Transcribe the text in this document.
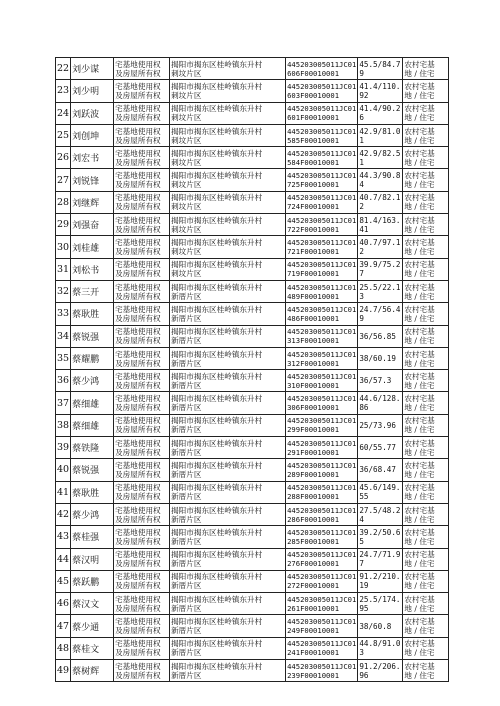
22	刘少谋	宅基地使用权
及房屋所有权	揭阳市揭东区桂岭镇东升村
刺坟片区	445203005011JC01
606F00010001	45.5/84.7
9	农村宅基
地 / 住宅

23	刘少明	宅基地使用权
及房屋所有权	揭阳市揭东区桂岭镇东升村
刺坟片区	445203005011JC01
603F00010001	41.4/110.
92	农村宅基
地 / 住宅

24	刘跃波	宅基地使用权
及房屋所有权	揭阳市揭东区桂岭镇东升村
刺坟片区	445203005011JC01
601F00010001	41.4/90.2
6	农村宅基
地 / 住宅

25	刘创坤	宅基地使用权
及房屋所有权	揭阳市揭东区桂岭镇东升村
刺坟片区	445203005011JC01
585F00010001	42.9/81.0
1	农村宅基
地 / 住宅

26	刘宏书	宅基地使用权
及房屋所有权	揭阳市揭东区桂岭镇东升村
刺坟片区	445203005011JC01
584F00010001	42.9/82.5
1	农村宅基
地 / 住宅

27	刘锐锋	宅基地使用权
及房屋所有权	揭阳市揭东区桂岭镇东升村
刺坟片区	445203005011JC01
725F00010001	44.3/90.8
4	农村宅基
地 / 住宅

28	刘继辉	宅基地使用权
及房屋所有权	揭阳市揭东区桂岭镇东升村
刺坟片区	445203005011JC01
724F00010001	40.7/82.1
2	农村宅基
地 / 住宅

29	刘强奋	宅基地使用权
及房屋所有权	揭阳市揭东区桂岭镇东升村
刺坟片区	445203005011JC01
722F00010001	81.4/163.
41	农村宅基
地 / 住宅

30	刘桂雄	宅基地使用权
及房屋所有权	揭阳市揭东区桂岭镇东升村
刺坟片区	445203005011JC01
721F00010001	40.7/97.1
2	农村宅基
地 / 住宅

31	刘松书	宅基地使用权
及房屋所有权	揭阳市揭东区桂岭镇东升村
刺坟片区	445203005011JC01
719F00010001	39.9/75.2
7	农村宅基
地 / 住宅

32	蔡三开	宅基地使用权
及房屋所有权	揭阳市揭东区桂岭镇东升村
新厝片区	445203005011JC01
489F00010001	25.5/22.1
3	农村宅基
地 / 住宅

33	蔡耿胜	宅基地使用权
及房屋所有权	揭阳市揭东区桂岭镇东升村
新厝片区	445203005011JC01
486F00010001	24.7/56.4
9	农村宅基
地 / 住宅

34	蔡锐强	宅基地使用权
及房屋所有权	揭阳市揭东区桂岭镇东升村
新厝片区	445203005011JC01
313F00010001	36/56.85	农村宅基
地 / 住宅

35	蔡耀鹏	宅基地使用权
及房屋所有权	揭阳市揭东区桂岭镇东升村
新厝片区	445203005011JC01
312F00010001	38/60.19	农村宅基
地 / 住宅

36	蔡少鸿	宅基地使用权
及房屋所有权	揭阳市揭东区桂岭镇东升村
新厝片区	445203005011JC01
310F00010001	36/57.3	农村宅基
地 / 住宅

37	蔡细雄	宅基地使用权
及房屋所有权	揭阳市揭东区桂岭镇东升村
新厝片区	445203005011JC01
306F00010001	44.6/128.
86	农村宅基
地 / 住宅

38	蔡细雄	宅基地使用权
及房屋所有权	揭阳市揭东区桂岭镇东升村
新厝片区	445203005011JC01
299F00010001	25/73.96	农村宅基
地 / 住宅

39	蔡铁隆	宅基地使用权
及房屋所有权	揭阳市揭东区桂岭镇东升村
新厝片区	445203005011JC01
291F00010001	60/55.77	农村宅基
地 / 住宅

40	蔡锐强	宅基地使用权
及房屋所有权	揭阳市揭东区桂岭镇东升村
新厝片区	445203005011JC01
289F00010001	36/68.47	农村宅基
地 / 住宅

41	蔡耿胜	宅基地使用权
及房屋所有权	揭阳市揭东区桂岭镇东升村
新厝片区	445203005011JC01
288F00010001	45.6/149.
55	农村宅基
地 / 住宅

42	蔡少鸿	宅基地使用权
及房屋所有权	揭阳市揭东区桂岭镇东升村
新厝片区	445203005011JC01
286F00010001	27.5/48.2
4	农村宅基
地 / 住宅

43	蔡桂强	宅基地使用权
及房屋所有权	揭阳市揭东区桂岭镇东升村
新厝片区	445203005011JC01
285F00010001	39.2/50.6
5	农村宅基
地 / 住宅

44	蔡汉明	宅基地使用权
及房屋所有权	揭阳市揭东区桂岭镇东升村
新厝片区	445203005011JC01
276F00010001	24.7/71.9
7	农村宅基
地 / 住宅

45	蔡跃鹏	宅基地使用权
及房屋所有权	揭阳市揭东区桂岭镇东升村
新厝片区	445203005011JC01
272F00010001	91.2/210.
19	农村宅基
地 / 住宅

46	蔡汉文	宅基地使用权
及房屋所有权	揭阳市揭东区桂岭镇东升村
新厝片区	445203005011JC01
261F00010001	25.5/174.
95	农村宅基
地 / 住宅

47	蔡少通	宅基地使用权
及房屋所有权	揭阳市揭东区桂岭镇东升村
新厝片区	445203005011JC01
249F00010001	38/60.8	农村宅基
地 / 住宅

48	蔡桂文	宅基地使用权
及房屋所有权	揭阳市揭东区桂岭镇东升村
新厝片区	445203005011JC01
241F00010001	44.8/91.0
3	农村宅基
地 / 住宅

49	蔡树辉	宅基地使用权
及房屋所有权	揭阳市揭东区桂岭镇东升村
新厝片区	445203005011JC01
239F00010001	91.2/206.
96	农村宅基
地 / 住宅
